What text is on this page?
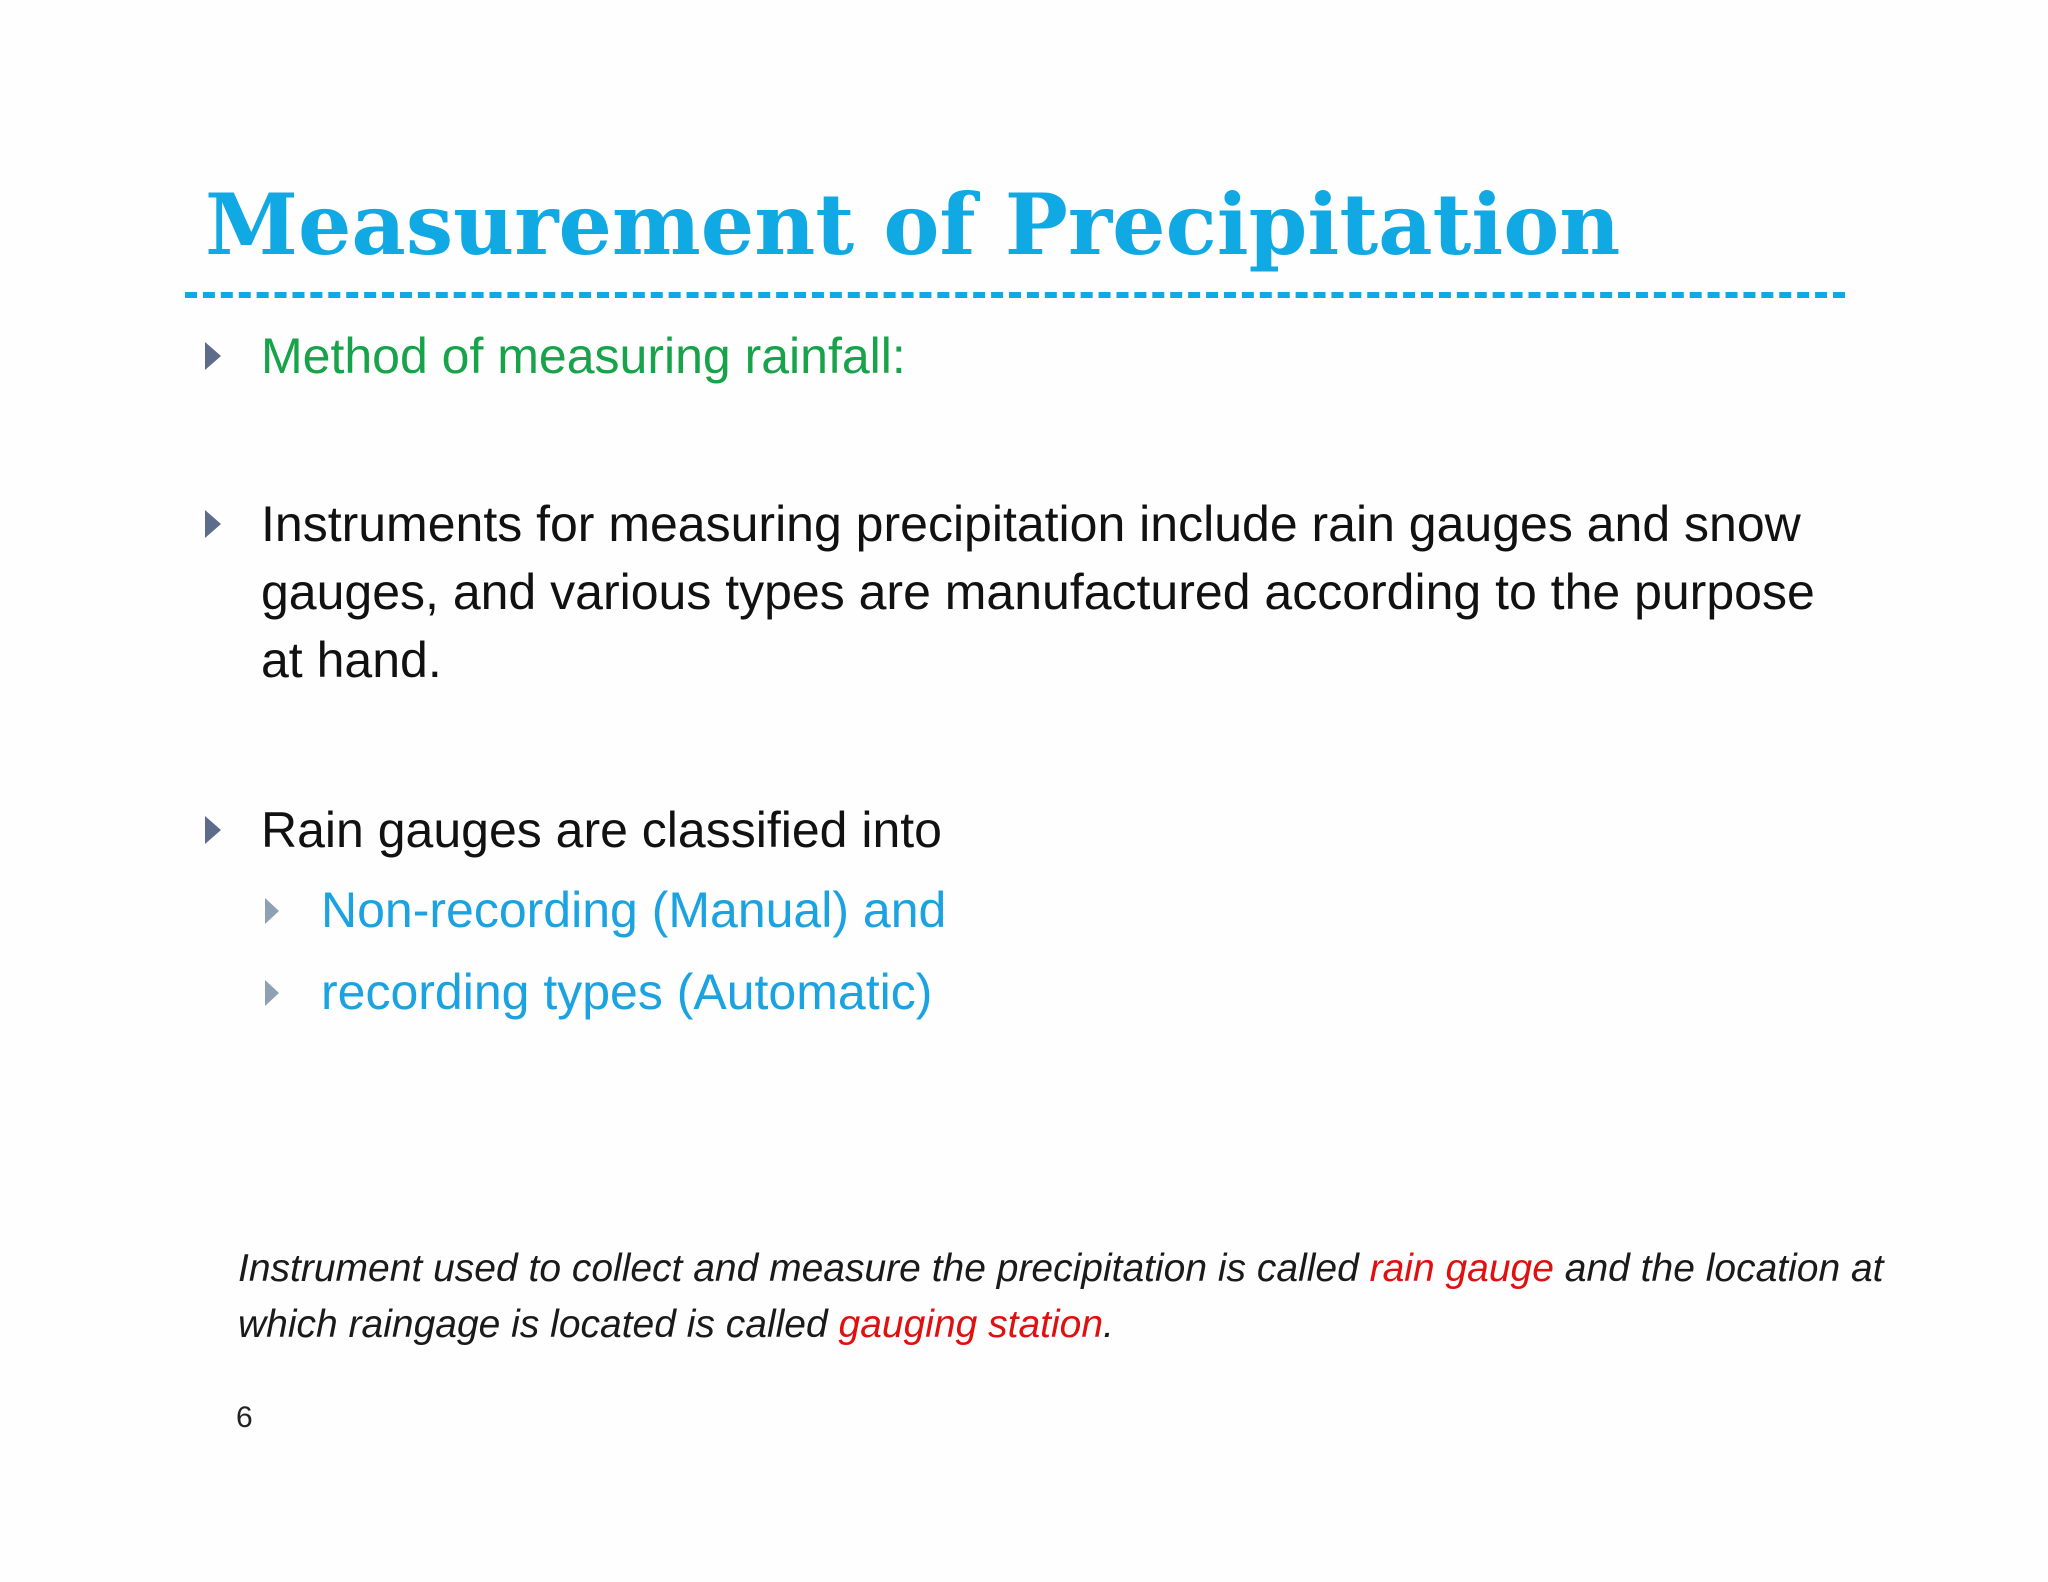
Measurement of Precipitation
Method of measuring rainfall:
Instruments for measuring precipitation include rain gauges and snow gauges, and various types are manufactured according to the purpose at hand.
Rain gauges are classified into
Non-recording (Manual) and
recording types (Automatic)

Instrument used to collect and measure the precipitation is called rain gauge and the location at which raingage is located is called gauging station.

6
